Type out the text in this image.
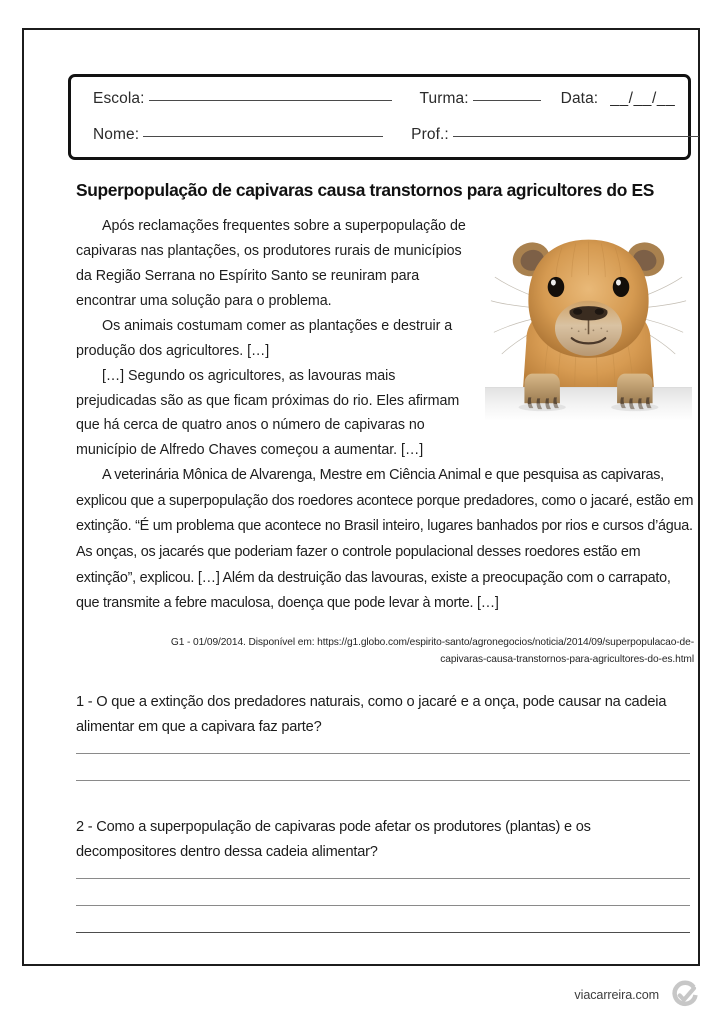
Escola:	Turma:	Data: __/__/__
Nome:	Prof.:
Superpopulação de capivaras causa transtornos para agricultores do ES

Após reclamações frequentes sobre a superpopulação de capivaras nas plantações, os produtores rurais de municípios da Região Serrana no Espírito Santo se reuniram para encontrar uma solução para o problema.

Os animais costumam comer as plantações e destruir a produção dos agricultores. […]

[…] Segundo os agricultores, as lavouras mais prejudicadas são as que ficam próximas do rio. Eles afirmam que há cerca de quatro anos o número de capivaras no município de Alfredo Chaves começou a aumentar. […]

A veterinária Mônica de Alvarenga, Mestre em Ciência Animal e que pesquisa as capivaras, explicou que a superpopulação dos roedores acontece porque predadores, como o jacaré, estão em extinção. “É um problema que acontece no Brasil inteiro, lugares banhados por rios e cursos d’água. As onças, os jacarés que poderiam fazer o controle populacional desses roedores estão em extinção”, explicou. […] Além da destruição das lavouras, existe a preocupação com o carrapato, que transmite a febre maculosa, doença que pode levar à morte. […]

G1 - 01/09/2014. Disponível em: https://g1.globo.com/espirito-santo/agronegocios/noticia/2014/09/superpopulacao-de-
capivaras-causa-transtornos-para-agricultores-do-es.html

1 - O que a extinção dos predadores naturais, como o jacaré e a onça, pode causar na cadeia alimentar em que a capivara faz parte?

2 - Como a superpopulação de capivaras pode afetar os produtores (plantas) e os decompositores dentro dessa cadeia alimentar?

viacarreira.com
